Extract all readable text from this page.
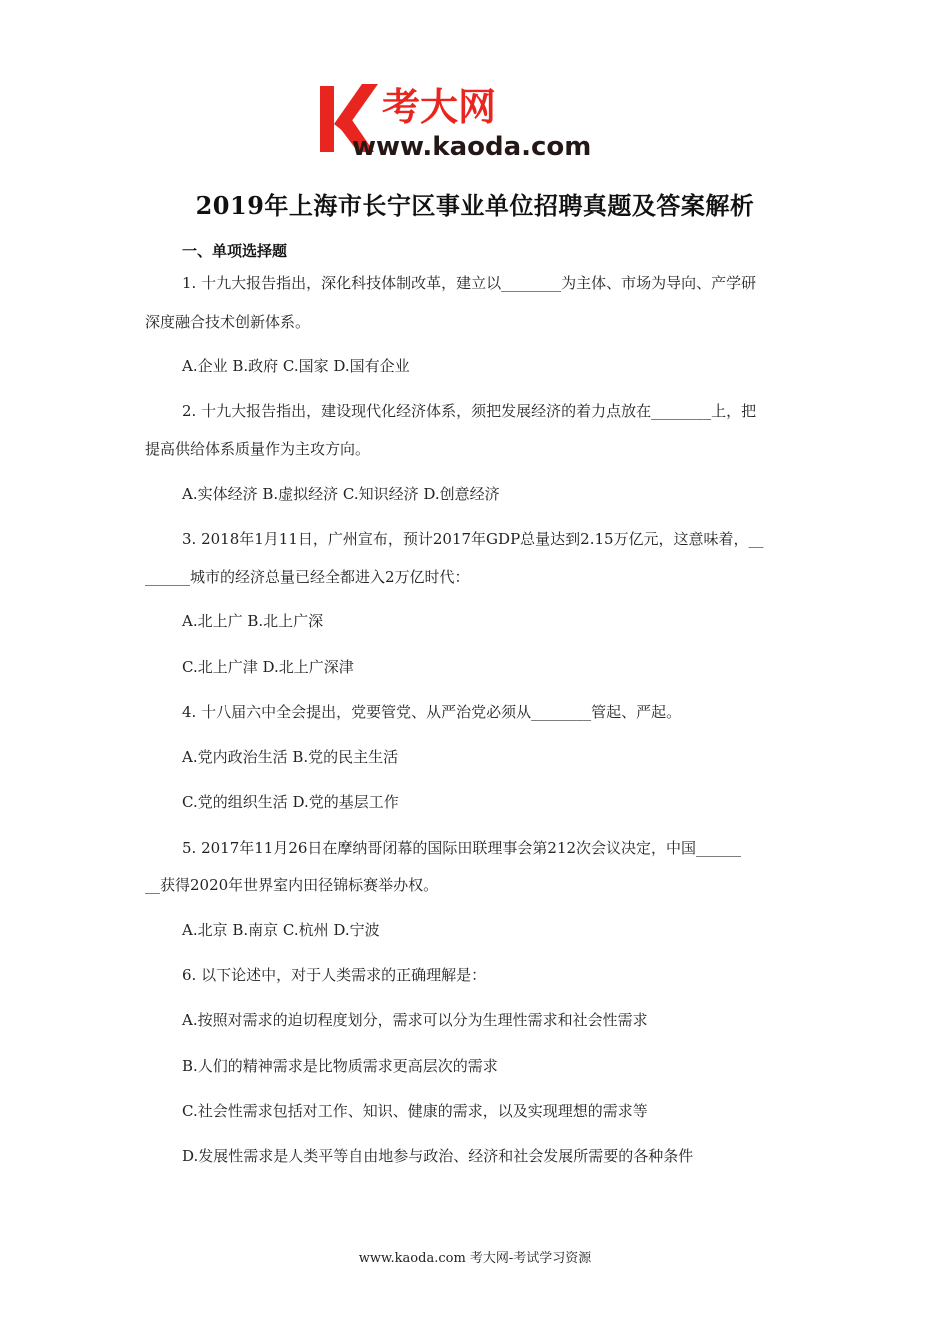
考大网
www.kaoda.com
2019年上海市长宁区事业单位招聘真题及答案解析
一、单项选择题
1. 十九大报告指出，深化科技体制改革，建立以________为主体、市场为导向、产学研
深度融合技术创新体系。
A.企业 B.政府 C.国家 D.国有企业
2. 十九大报告指出，建设现代化经济体系，须把发展经济的着力点放在________上，把
提高供给体系质量作为主攻方向。
A.实体经济 B.虚拟经济 C.知识经济 D.创意经济
3. 2018年1月11日，广州宣布，预计2017年GDP总量达到2.15万亿元，这意味着，__
______城市的经济总量已经全都进入2万亿时代：
A.北上广 B.北上广深
C.北上广津 D.北上广深津
4. 十八届六中全会提出，党要管党、从严治党必须从________管起、严起。
A.党内政治生活 B.党的民主生活
C.党的组织生活 D.党的基层工作
5. 2017年11月26日在摩纳哥闭幕的国际田联理事会第212次会议决定，中国______
__获得2020年世界室内田径锦标赛举办权。
A.北京 B.南京 C.杭州 D.宁波
6. 以下论述中，对于人类需求的正确理解是：
A.按照对需求的迫切程度划分，需求可以分为生理性需求和社会性需求
B.人们的精神需求是比物质需求更高层次的需求
C.社会性需求包括对工作、知识、健康的需求，以及实现理想的需求等
D.发展性需求是人类平等自由地参与政治、经济和社会发展所需要的各种条件
www.kaoda.com 考大网-考试学习资源
